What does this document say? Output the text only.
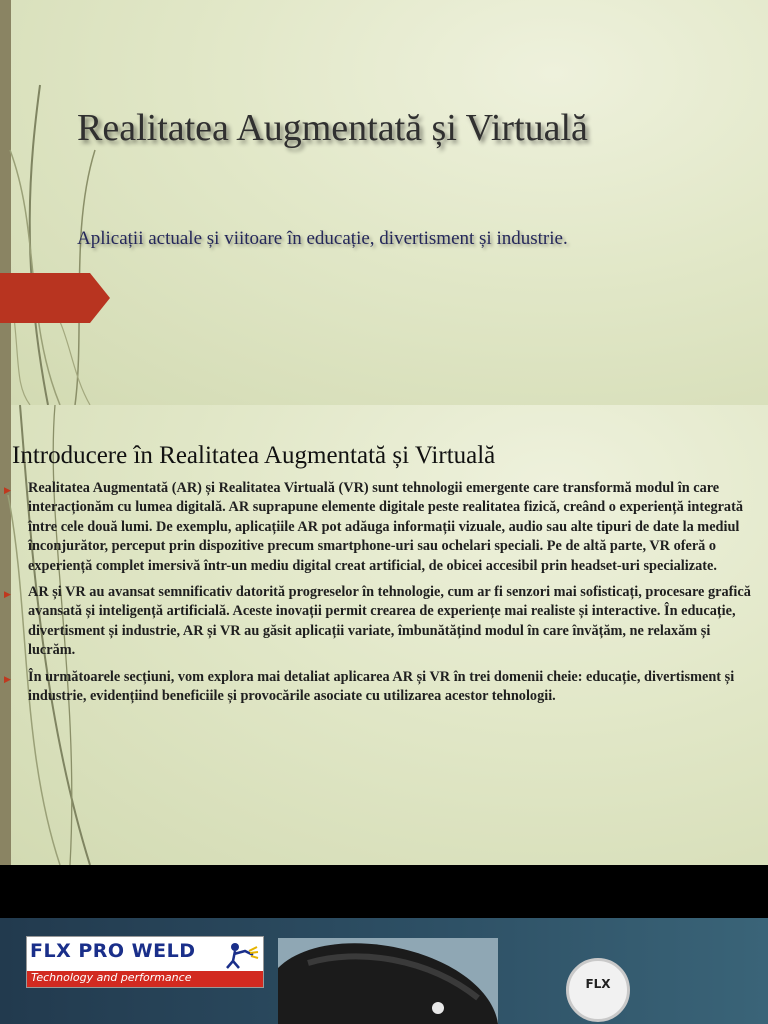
Realitatea Augmentată și Virtuală

Aplicații actuale și viitoare în educație, divertisment și industrie.

Introducere în Realitatea Augmentată și Virtuală
▶ Realitatea Augmentată (AR) și Realitatea Virtuală (VR) sunt tehnologii emergente care transformă modul în care interacționăm cu lumea digitală. AR suprapune elemente digitale peste realitatea fizică, creând o experiență integrată între cele două lumi. De exemplu, aplicațiile AR pot adăuga informații vizuale, audio sau alte tipuri de date la mediul înconjurător, perceput prin dispozitive precum smartphone-uri sau ochelari speciali. Pe de altă parte, VR oferă o experiență complet imersivă într-un mediu digital creat artificial, de obicei accesibil prin headset-uri specializate.
▶ AR și VR au avansat semnificativ datorită progreselor în tehnologie, cum ar fi senzori mai sofisticați, procesare grafică avansată și inteligență artificială. Aceste inovații permit crearea de experiențe mai realiste și interactive. În educație, divertisment și industrie, AR și VR au găsit aplicații variate, îmbunătățind modul în care învățăm, ne relaxăm și lucrăm.
▶ În următoarele secțiuni, vom explora mai detaliat aplicarea AR și VR în trei domenii cheie: educație, divertisment și industrie, evidențiind beneficiile și provocările asociate cu utilizarea acestor tehnologii.
FLX PRO WELD
Technology and performance	FLX
